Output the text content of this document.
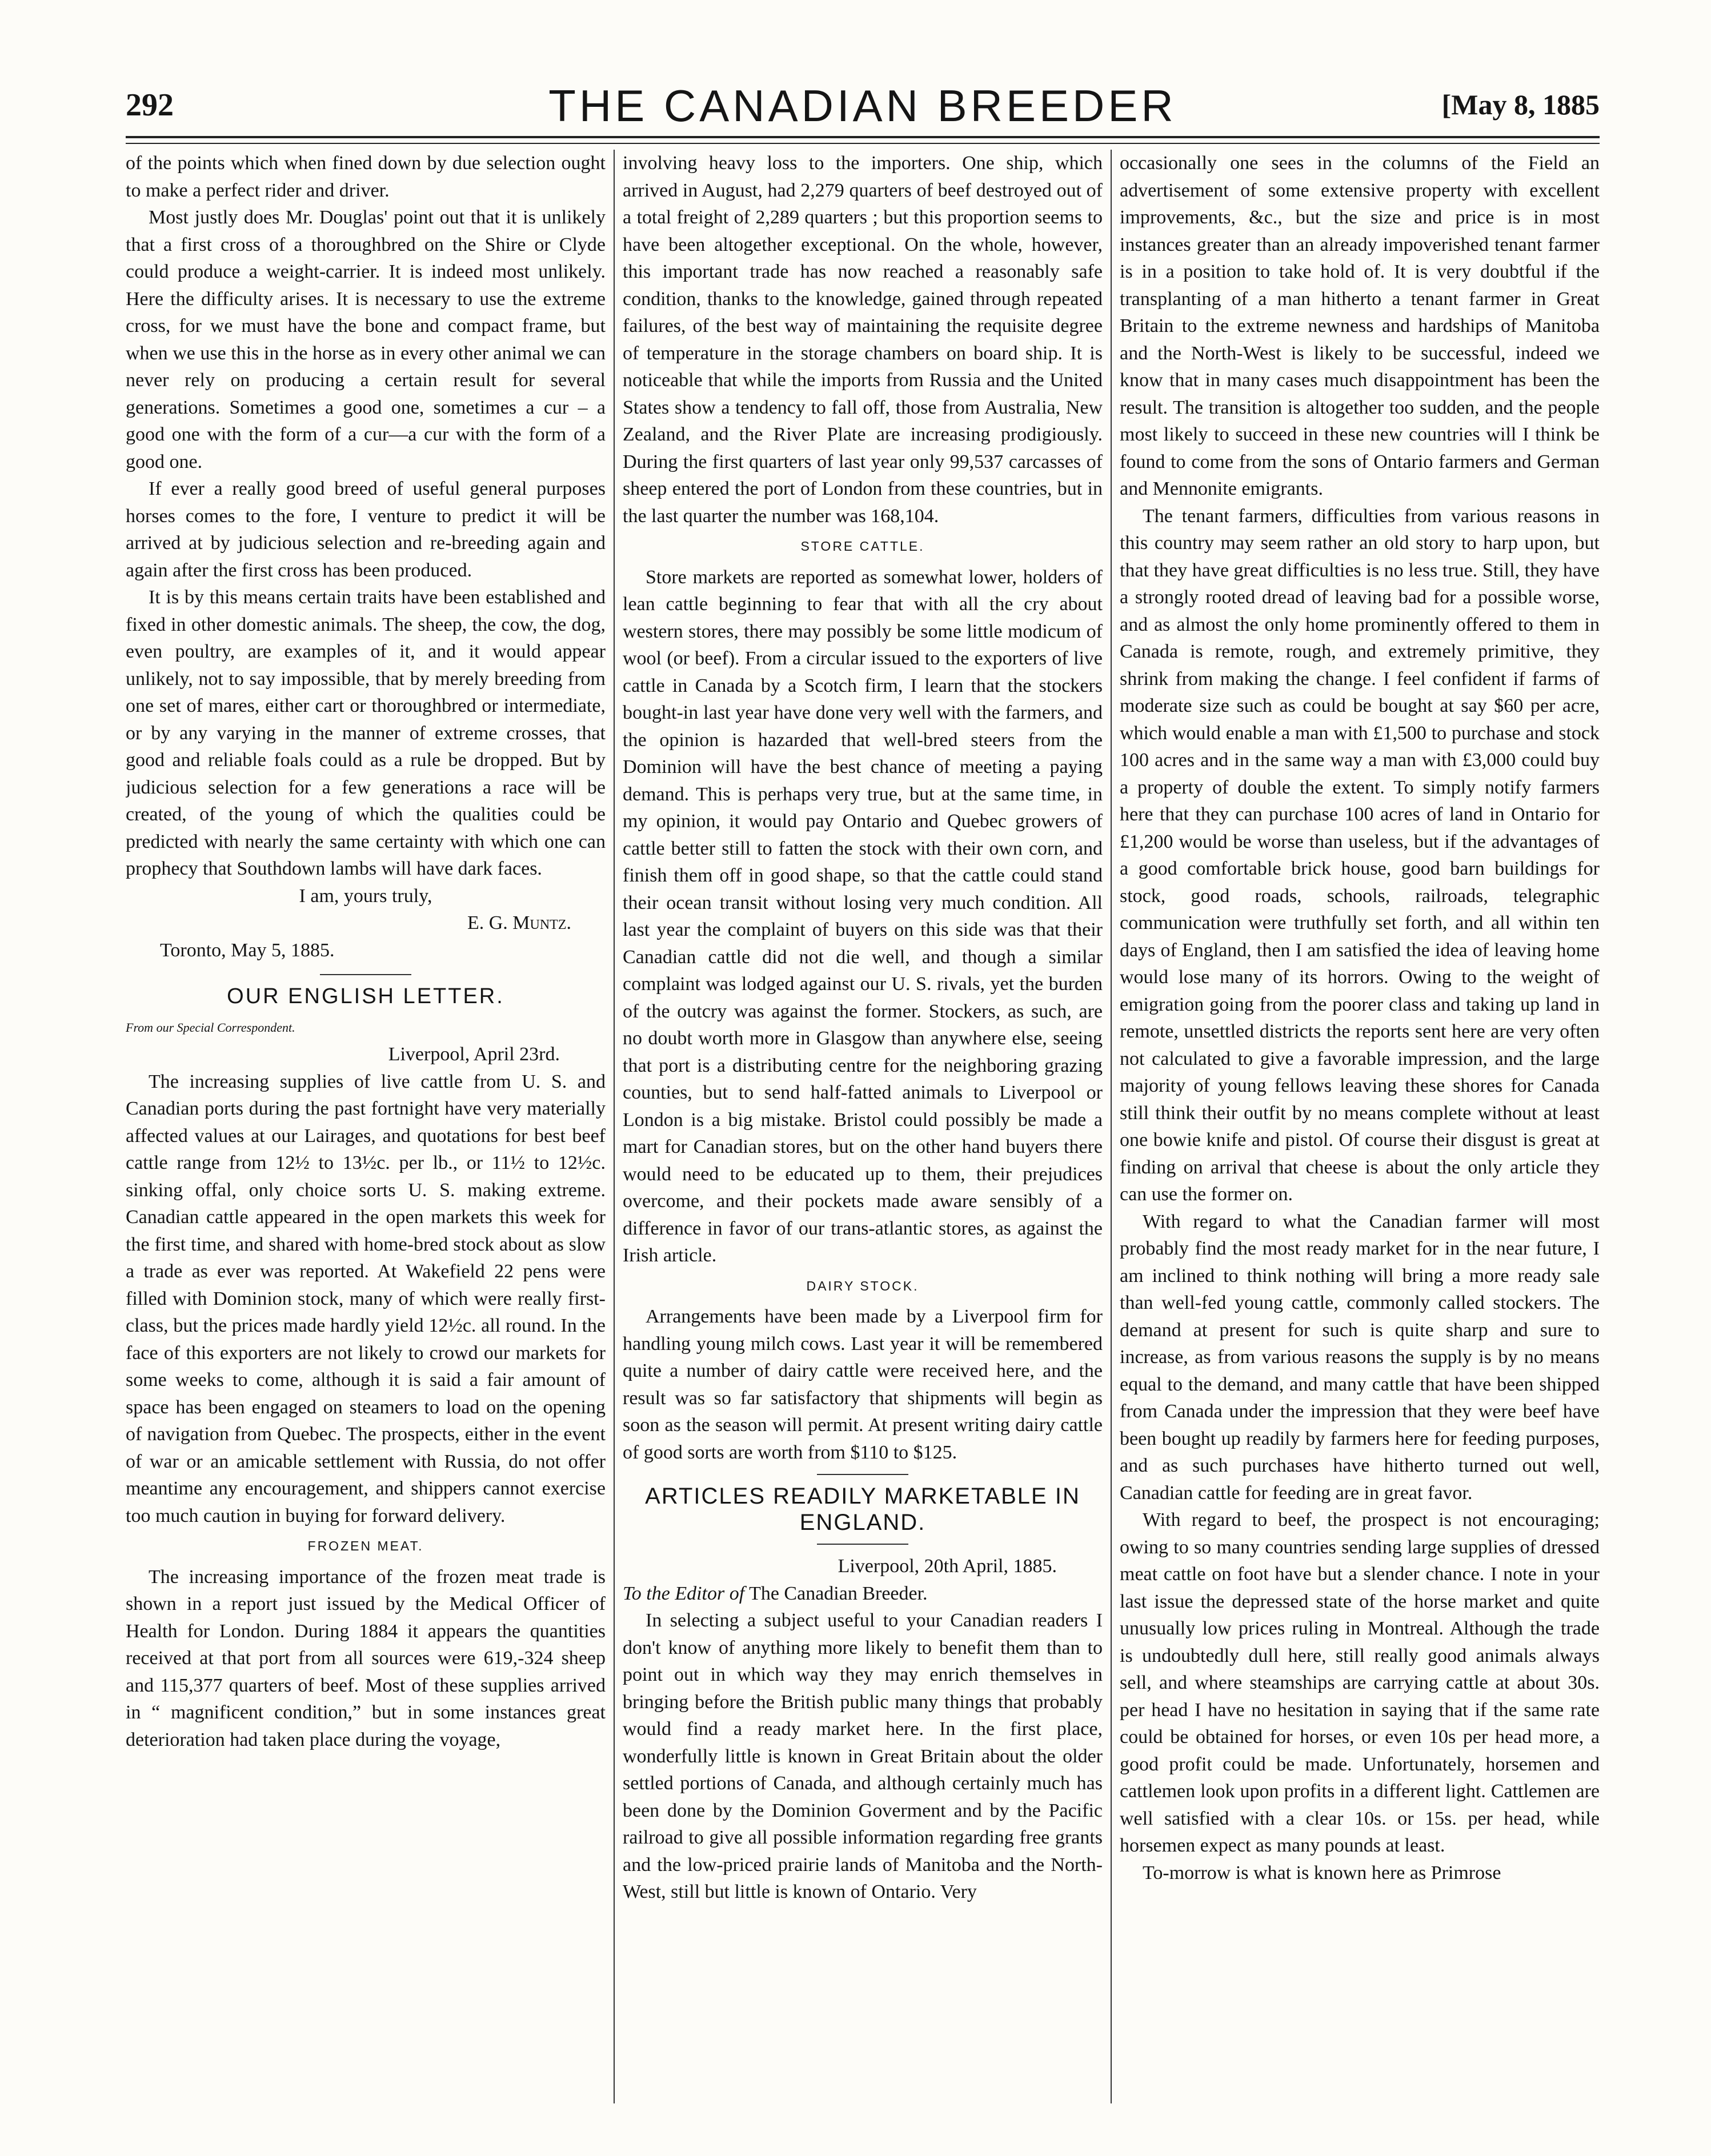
292	THE CANADIAN BREEDER	[May 8, 1885

of the points which when fined down by due selection ought to make a perfect rider and driver.

Most justly does Mr. Douglas' point out that it is unlikely that a first cross of a thoroughbred on the Shire or Clyde could produce a weight-carrier. It is indeed most unlikely. Here the difficulty arises. It is necessary to use the extreme cross, for we must have the bone and compact frame, but when we use this in the horse as in every other animal we can never rely on producing a certain result for several generations. Sometimes a good one, sometimes a cur – a good one with the form of a cur—a cur with the form of a good one.

If ever a really good breed of useful general purposes horses comes to the fore, I venture to predict it will be arrived at by judicious selection and re-breeding again and again after the first cross has been produced.

It is by this means certain traits have been established and fixed in other domestic animals. The sheep, the cow, the dog, even poultry, are examples of it, and it would appear unlikely, not to say impossible, that by merely breeding from one set of mares, either cart or thoroughbred or intermediate, or by any varying in the manner of extreme crosses, that good and reliable foals could as a rule be dropped. But by judicious selection for a few generations a race will be created, of the young of which the qualities could be predicted with nearly the same certainty with which one can prophecy that Southdown lambs will have dark faces.

I am, yours truly,

E. G. Muntz.

Toronto, May 5, 1885.

OUR ENGLISH LETTER.

From our Special Correspondent.

Liverpool, April 23rd.

The increasing supplies of live cattle from U. S. and Canadian ports during the past fortnight have very materially affected values at our Lairages, and quotations for best beef cattle range from 12½ to 13½c. per lb., or 11½ to 12½c. sinking offal, only choice sorts U. S. making extreme. Canadian cattle appeared in the open markets this week for the first time, and shared with home-bred stock about as slow a trade as ever was reported. At Wakefield 22 pens were filled with Dominion stock, many of which were really first-class, but the prices made hardly yield 12½c. all round. In the face of this exporters are not likely to crowd our markets for some weeks to come, although it is said a fair amount of space has been engaged on steamers to load on the opening of navigation from Quebec. The prospects, either in the event of war or an amicable settlement with Russia, do not offer meantime any encouragement, and shippers cannot exercise too much caution in buying for forward delivery.

FROZEN MEAT.

The increasing importance of the frozen meat trade is shown in a report just issued by the Medical Officer of Health for London. During 1884 it appears the quantities received at that port from all sources were 619,-324 sheep and 115,377 quarters of beef. Most of these supplies arrived in “ magnificent condition,” but in some instances great deterioration had taken place during the voyage,

involving heavy loss to the importers. One ship, which arrived in August, had 2,279 quarters of beef destroyed out of a total freight of 2,289 quarters ; but this proportion seems to have been altogether exceptional. On the whole, however, this important trade has now reached a reasonably safe condition, thanks to the knowledge, gained through repeated failures, of the best way of maintaining the requisite degree of temperature in the storage chambers on board ship. It is noticeable that while the imports from Russia and the United States show a tendency to fall off, those from Australia, New Zealand, and the River Plate are increasing prodigiously. During the first quarters of last year only 99,537 carcasses of sheep entered the port of London from these countries, but in the last quarter the number was 168,104.

STORE CATTLE.

Store markets are reported as somewhat lower, holders of lean cattle beginning to fear that with all the cry about western stores, there may possibly be some little modicum of wool (or beef). From a circular issued to the exporters of live cattle in Canada by a Scotch firm, I learn that the stockers bought-in last year have done very well with the farmers, and the opinion is hazarded that well-bred steers from the Dominion will have the best chance of meeting a paying demand. This is perhaps very true, but at the same time, in my opinion, it would pay Ontario and Quebec growers of cattle better still to fatten the stock with their own corn, and finish them off in good shape, so that the cattle could stand their ocean transit without losing very much condition. All last year the complaint of buyers on this side was that their Canadian cattle did not die well, and though a similar complaint was lodged against our U. S. rivals, yet the burden of the outcry was against the former. Stockers, as such, are no doubt worth more in Glasgow than anywhere else, seeing that port is a distributing centre for the neighboring grazing counties, but to send half-fatted animals to Liverpool or London is a big mistake. Bristol could possibly be made a mart for Canadian stores, but on the other hand buyers there would need to be educated up to them, their prejudices overcome, and their pockets made aware sensibly of a difference in favor of our trans-atlantic stores, as against the Irish article.

DAIRY STOCK.

Arrangements have been made by a Liverpool firm for handling young milch cows. Last year it will be remembered quite a number of dairy cattle were received here, and the result was so far satisfactory that shipments will begin as soon as the season will permit. At present writing dairy cattle of good sorts are worth from $110 to $125.

ARTICLES READILY MARKETABLE IN ENGLAND.

Liverpool, 20th April, 1885.

To the Editor of The Canadian Breeder.

In selecting a subject useful to your Canadian readers I don't know of anything more likely to benefit them than to point out in which way they may enrich themselves in bringing before the British public many things that probably would find a ready market here. In the first place, wonderfully little is known in Great Britain about the older settled portions of Canada, and although certainly much has been done by the Dominion Goverment and by the Pacific railroad to give all possible information regarding free grants and the low-priced prairie lands of Manitoba and the North-West, still but little is known of Ontario. Very

occasionally one sees in the columns of the Field an advertisement of some extensive property with excellent improvements, &c., but the size and price is in most instances greater than an already impoverished tenant farmer is in a position to take hold of. It is very doubtful if the transplanting of a man hitherto a tenant farmer in Great Britain to the extreme newness and hardships of Manitoba and the North-West is likely to be successful, indeed we know that in many cases much disappointment has been the result. The transition is altogether too sudden, and the people most likely to succeed in these new countries will I think be found to come from the sons of Ontario farmers and German and Mennonite emigrants.

The tenant farmers, difficulties from various reasons in this country may seem rather an old story to harp upon, but that they have great difficulties is no less true. Still, they have a strongly rooted dread of leaving bad for a possible worse, and as almost the only home prominently offered to them in Canada is remote, rough, and extremely primitive, they shrink from making the change. I feel confident if farms of moderate size such as could be bought at say $60 per acre, which would enable a man with £1,500 to purchase and stock 100 acres and in the same way a man with £3,000 could buy a property of double the extent. To simply notify farmers here that they can purchase 100 acres of land in Ontario for £1,200 would be worse than useless, but if the advantages of a good comfortable brick house, good barn buildings for stock, good roads, schools, railroads, telegraphic communication were truthfully set forth, and all within ten days of England, then I am satisfied the idea of leaving home would lose many of its horrors. Owing to the weight of emigration going from the poorer class and taking up land in remote, unsettled districts the reports sent here are very often not calculated to give a favorable impression, and the large majority of young fellows leaving these shores for Canada still think their outfit by no means complete without at least one bowie knife and pistol. Of course their disgust is great at finding on arrival that cheese is about the only article they can use the former on.

With regard to what the Canadian farmer will most probably find the most ready market for in the near future, I am inclined to think nothing will bring a more ready sale than well-fed young cattle, commonly called stockers. The demand at present for such is quite sharp and sure to increase, as from various reasons the supply is by no means equal to the demand, and many cattle that have been shipped from Canada under the impression that they were beef have been bought up readily by farmers here for feeding purposes, and as such purchases have hitherto turned out well, Canadian cattle for feeding are in great favor.

With regard to beef, the prospect is not encouraging; owing to so many countries sending large supplies of dressed meat cattle on foot have but a slender chance. I note in your last issue the depressed state of the horse market and quite unusually low prices ruling in Montreal. Although the trade is undoubtedly dull here, still really good animals always sell, and where steamships are carrying cattle at about 30s. per head I have no hesitation in saying that if the same rate could be obtained for horses, or even 10s per head more, a good profit could be made. Unfortunately, horsemen and cattlemen look upon profits in a different light. Cattlemen are well satisfied with a clear 10s. or 15s. per head, while horsemen expect as many pounds at least.

To-morrow is what is known here as Primrose
